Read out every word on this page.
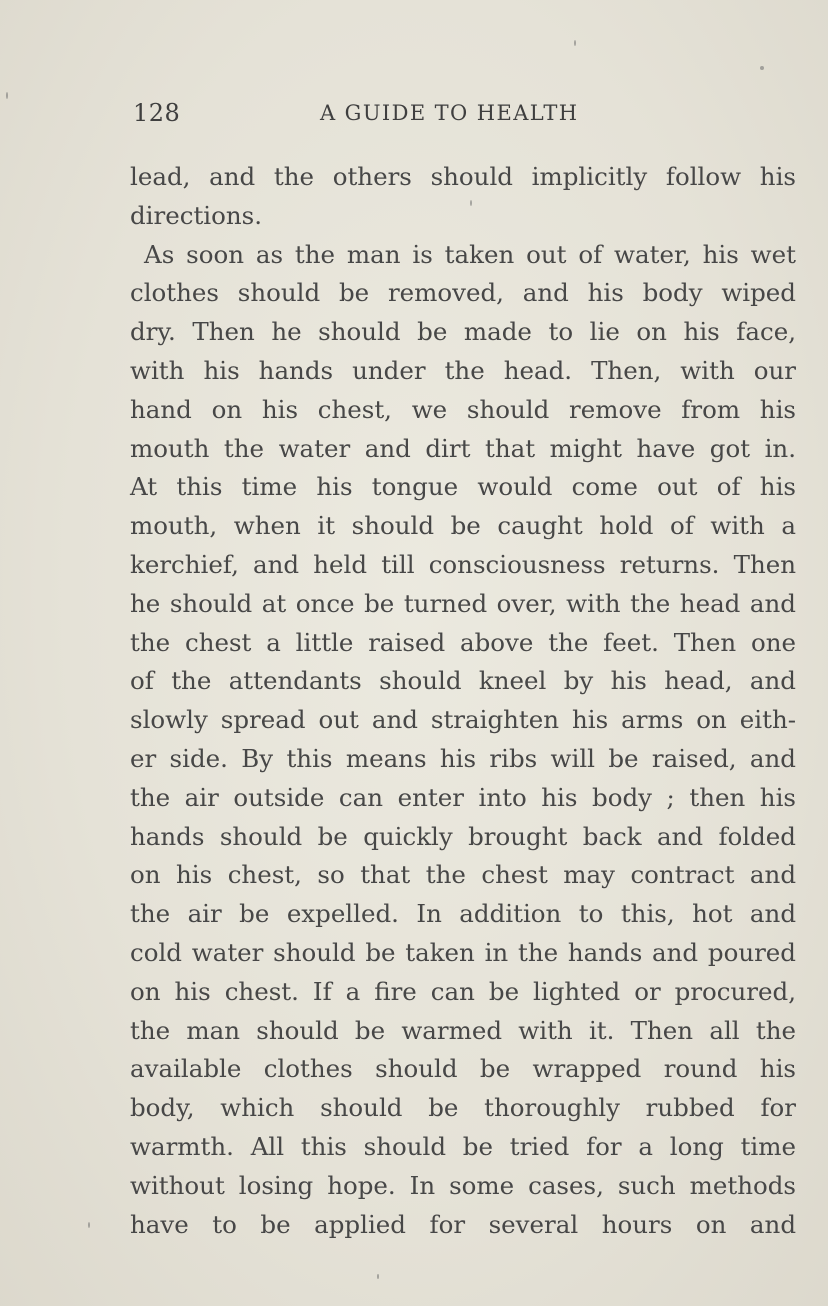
128	A GUIDE TO HEALTH
lead, and the others should implicitly follow his
directions.
As soon as the man is taken out of water, his wet
clothes should be removed, and his body wiped
dry. Then he should be made to lie on his face,
with his hands under the head. Then, with our
hand on his chest, we should remove from his
mouth the water and dirt that might have got in.
At this time his tongue would come out of his
mouth, when it should be caught hold of with a
kerchief, and held till consciousness returns. Then
he should at once be turned over, with the head and
the chest a little raised above the feet. Then one
of the attendants should kneel by his head, and
slowly spread out and straighten his arms on eith-
er side. By this means his ribs will be raised, and
the air outside can enter into his body ; then his
hands should be quickly brought back and folded
on his chest, so that the chest may contract and
the air be expelled. In addition to this, hot and
cold water should be taken in the hands and poured
on his chest. If a fire can be lighted or procured,
the man should be warmed with it. Then all the
available clothes should be wrapped round his
body, which should be thoroughly rubbed for
warmth. All this should be tried for a long time
without losing hope. In some cases, such methods
have to be applied for several hours on and
